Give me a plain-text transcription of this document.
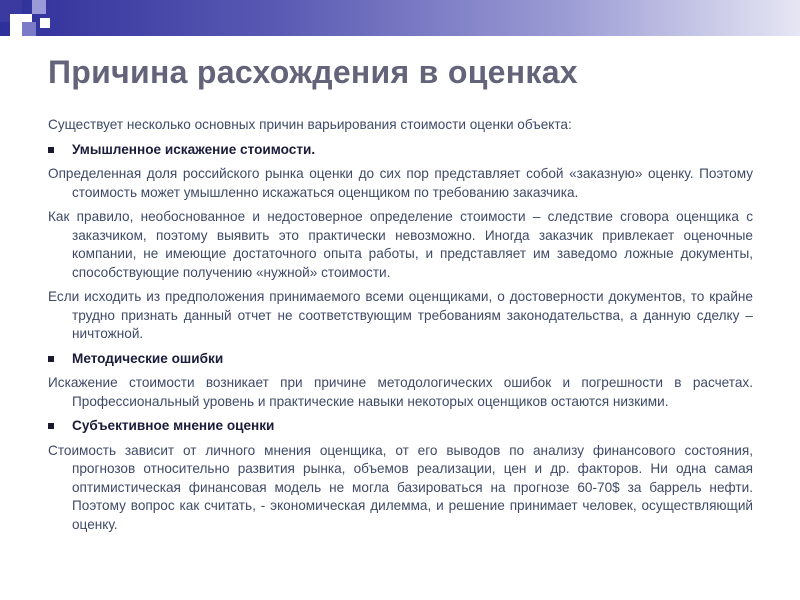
Причина расхождения в оценках
Существует несколько основных причин варьирования стоимости оценки объекта:
Умышленное искажение стоимости.
Определенная доля российского рынка оценки до сих пор представляет собой «заказную» оценку. Поэтому стоимость может умышленно искажаться оценщиком по требованию заказчика.
Как правило, необоснованное и недостоверное определение стоимости – следствие сговора оценщика с заказчиком, поэтому выявить это практически невозможно. Иногда заказчик привлекает оценочные компании, не имеющие достаточного опыта работы, и представляет им заведомо ложные документы, способствующие получению «нужной» стоимости.
Если исходить из предположения принимаемого всеми оценщиками, о достоверности документов, то крайне трудно признать данный отчет не соответствующим требованиям законодательства, а данную сделку – ничтожной.
Методические ошибки
Искажение стоимости возникает при причине методологических ошибок и погрешности в расчетах. Профессиональный уровень и практические навыки некоторых оценщиков остаются низкими.
Субъективное мнение оценки
Стоимость зависит от личного мнения оценщика, от его выводов по анализу финансового состояния, прогнозов относительно развития рынка, объемов реализации, цен и др. факторов. Ни одна самая оптимистическая финансовая модель не могла базироваться на прогнозе 60-70$ за баррель нефти. Поэтому вопрос как считать, - экономическая дилемма, и решение принимает человек, осуществляющий оценку.
